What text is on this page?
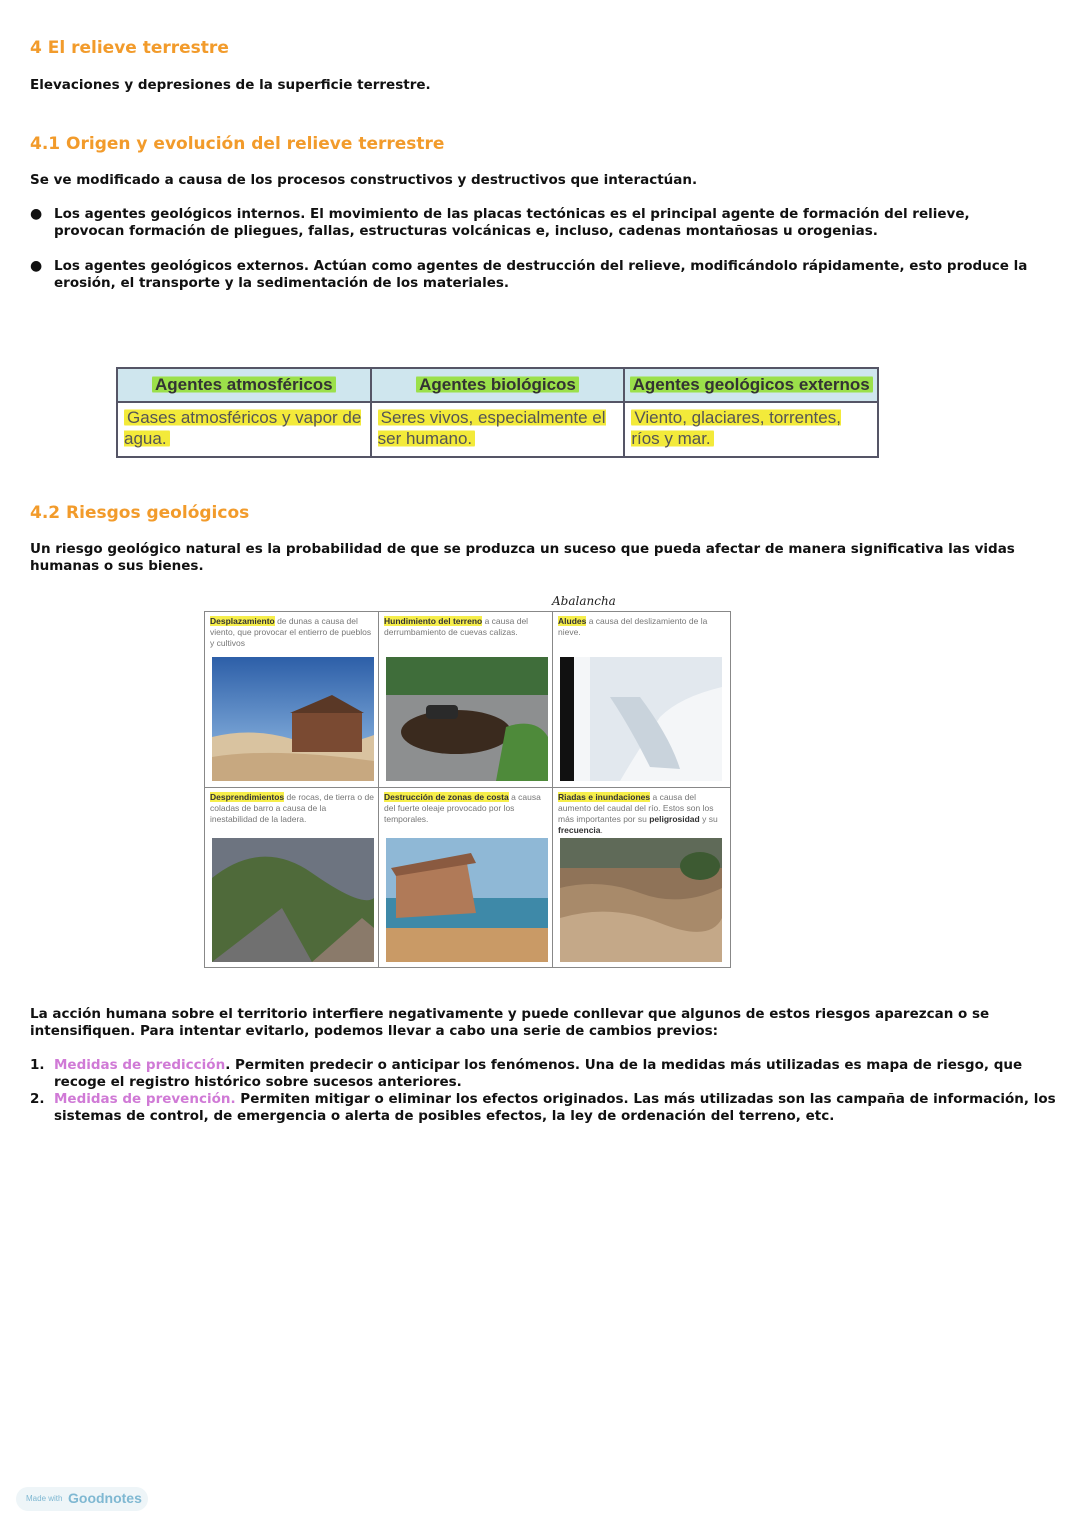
4 El relieve terrestre
Elevaciones y depresiones de la superficie terrestre.
4.1 Origen y evolución del relieve terrestre
Se ve modificado a causa de los procesos constructivos y destructivos que interactúan.
● Los agentes geológicos internos. El movimiento de las placas tectónicas es el principal agente de formación del relieve, provocan formación de pliegues, fallas, estructuras volcánicas e, incluso, cadenas montañosas u orogenias.
● Los agentes geológicos externos. Actúan como agentes de destrucción del relieve, modificándolo rápidamente, esto produce la erosión, el transporte y la sedimentación de los materiales.
Agentes atmosféricos	Agentes biológicos	Agentes geológicos externos
Gases atmosféricos y vapor de agua.	Seres vivos, especialmente el ser humano.	Viento, glaciares, torrentes, ríos y mar.
4.2 Riesgos geológicos
Un riesgo geológico natural es la probabilidad de que se produzca un suceso que pueda afectar de manera significativa las vidas humanas o sus bienes.
Abalancha
Desplazamiento de dunas a causa del viento, que provocar el entierro de pueblos y cultivos
Hundimiento del terreno a causa del derrumbamiento de cuevas calizas.
Aludes a causa del deslizamiento de la nieve.
Desprendimientos de rocas, de tierra o de coladas de barro a causa de la inestabilidad de la ladera.
Destrucción de zonas de costa a causa del fuerte oleaje provocado por los temporales.
Riadas e inundaciones a causa del aumento del caudal del río. Estos son los más importantes por su peligrosidad y su frecuencia.
La acción humana sobre el territorio interfiere negativamente y puede conllevar que algunos de estos riesgos aparezcan o se intensifiquen. Para intentar evitarlo, podemos llevar a cabo una serie de cambios previos:
1. Medidas de predicción. Permiten predecir o anticipar los fenómenos. Una de la medidas más utilizadas es mapa de riesgo, que recoge el registro histórico sobre sucesos anteriores.
2. Medidas de prevención. Permiten mitigar o eliminar los efectos originados. Las más utilizadas son las campaña de información, los sistemas de control, de emergencia o alerta de posibles efectos, la ley de ordenación del terreno, etc.
Made with Goodnotes
